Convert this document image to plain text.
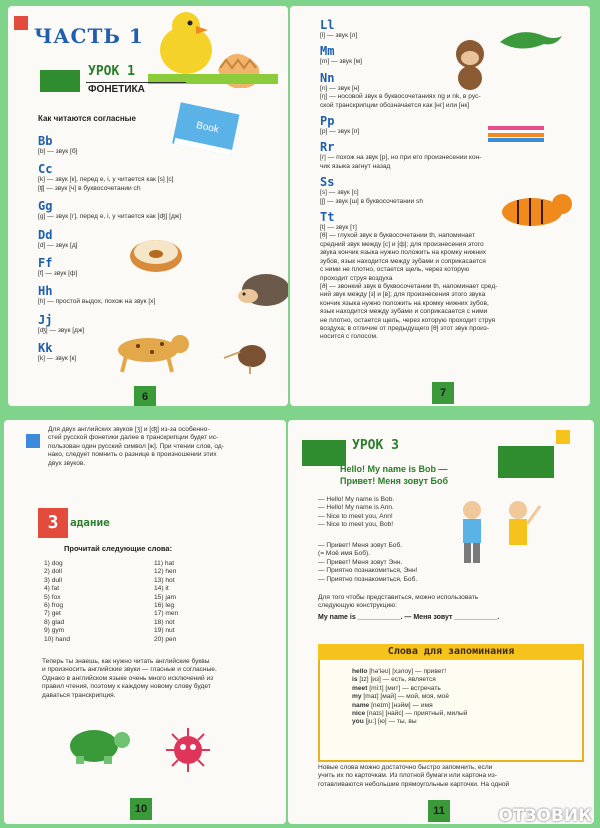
ЧАСТЬ 1
УРОК 1
ФОНЕТИКА
Как читаются согласные
Bb
[b] — звук [б]
Cc
[k] — звук [к], перед e, i, y читается как [s] [с]
[ʧ] — звук [ч] в буквосочетании ch
Gg
[g] — звук [г], перед e, i, y читается как [ʤ] [дж]
Dd
[d] — звук [д]
Ff
[f] — звук [ф]
Hh
[h] — простой выдох, похож на звук [х]
Jj
[ʤ] — звук [дж]
Kk
[k] — звук [к]
Book
6
Ll
[l] — звук [л]
Mm
[m] — звук [м]
Nn
[n] — звук [н]
[ŋ] — носовой звук в буквосочетаниях ng и nk, в рус-
ской транскрипции обозначается как [нг] или [нк]
Pp
[p] — звук [п]
Rr
[r] — похож на звук [р], но при его произнесении кон-
чик языка загнут назад
Ss
[s] — звук [с]
[ʃ] — звук [ш] в буквосочетании sh
Tt
[t] — звук [т]
[θ] — глухой звук в буквосочетании th, напоминает
средний звук между [с] и [ф]; для произнесения этого
звука кончик языка нужно положить на кромку нижних
зубов, язык находится между зубами и соприкасается
с ними не плотно, остается щель, через которую
проходит струя воздуха
[ð] — звонкий звук в буквосочетании th, напоминает сред-
ний звук между [з] и [в]; для произнесения этого звука
кончик языка нужно положить на кромку нижних зубов,
язык находится между зубами и соприкасается с ними
не плотно, остается щель, через которую проходит струя
воздуха; в отличие от предыдущего [θ] этот звук произ-
носится с голосом.
7
Для двух английских звуков [ʒ] и [ʤ] из-за особенно-
стей русской фонетики далее в транскрипции будет ис-
пользован один русский символ [ж]. При чтении слов, од-
нако, следует помнить о разнице в произношении этих
двух звуков.
З	адание
Прочитай следующие слова:
1) dog
2) doll
3) dull
4) fat
5) fox
6) frog
7) get
8) glad
9) gym
10) hand
11) hat
12) hen
13) hot
14) it
15) jam
16) leg
17) men
18) not
19) nut
20) pen
Теперь ты знаешь, как нужно читать английские буквы
и произносить английские звуки — гласные и согласные.
Однако в английском языке очень много исключений из
правил чтения, поэтому к каждому новому слову будет
даваться транскрипция.
10
УРОК 3
Hello! My name is Bob —
Привет! Меня зовут Боб
— Hello! My name is Bob.
— Hello! My name is Ann.
— Nice to meet you, Ann!
— Nice to meet you, Bob!
— Привет! Меня зовут Боб.
(= Моё имя Боб).
— Привет! Меня зовут Энн.
— Приятно познакомиться, Энн!
— Приятно познакомиться, Боб.
Для того чтобы представиться, можно использовать
следующую конструкцию:
My name is ___________. — Меня зовут ___________.
Слова для запоминания
hello [hə'ləʊ] [хэлоу] — привет!
is [ɪz] [из] — есть, является
meet [mi:t] [мит] — встречать
my [maɪ] [май] — мой, моя, моё
name [neɪm] [нэйм] — имя
nice [naɪs] [найс] — приятный, милый
you [ju:] [ю] — ты, вы
Новые слова можно достаточно быстро запомнить, если
учить их по карточкам. Из плотной бумаги или картона из-
готавливаются небольшие прямоугольные карточки. На одной
11	ОТЗОВИК
